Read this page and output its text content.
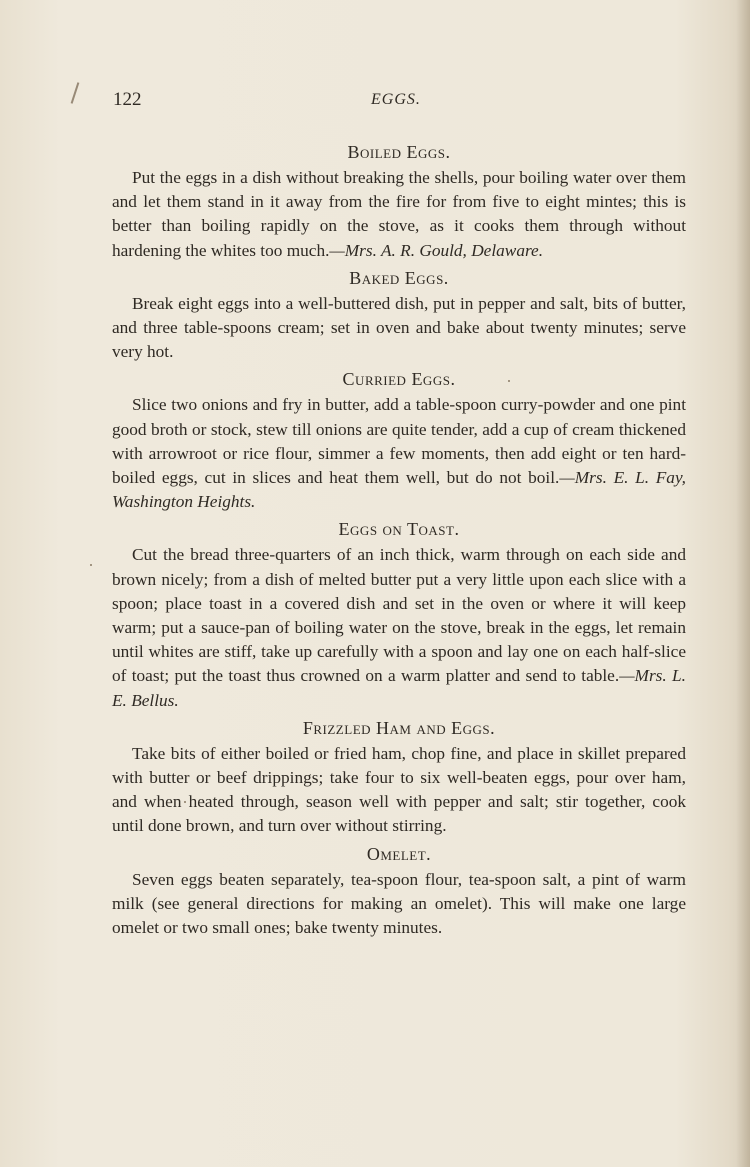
122	EGGS.
Boiled Eggs.

Put the eggs in a dish without breaking the shells, pour boiling water over them and let them stand in it away from the fire for from five to eight mintes; this is better than boiling rapidly on the stove, as it cooks them through without hardening the whites too much.—Mrs. A. R. Gould, Delaware.

Baked Eggs.

Break eight eggs into a well-buttered dish, put in pepper and salt, bits of butter, and three table-spoons cream; set in oven and bake about twenty minutes; serve very hot.

Curried Eggs.

Slice two onions and fry in butter, add a table-spoon curry-powder and one pint good broth or stock, stew till onions are quite tender, add a cup of cream thickened with arrowroot or rice flour, simmer a few moments, then add eight or ten hard-boiled eggs, cut in slices and heat them well, but do not boil.—Mrs. E. L. Fay, Washington Heights.

Eggs on Toast.

Cut the bread three-quarters of an inch thick, warm through on each side and brown nicely; from a dish of melted butter put a very little upon each slice with a spoon; place toast in a covered dish and set in the oven or where it will keep warm; put a sauce-pan of boiling water on the stove, break in the eggs, let remain until whites are stiff, take up carefully with a spoon and lay one on each half-slice of toast; put the toast thus crowned on a warm platter and send to table.—Mrs. L. E. Bellus.

Frizzled Ham and Eggs.

Take bits of either boiled or fried ham, chop fine, and place in skillet prepared with butter or beef drippings; take four to six well-beaten eggs, pour over ham, and when heated through, season well with pepper and salt; stir together, cook until done brown, and turn over without stirring.

Omelet.

Seven eggs beaten separately, tea-spoon flour, tea-spoon salt, a pint of warm milk (see general directions for making an omelet). This will make one large omelet or two small ones; bake twenty minutes.
